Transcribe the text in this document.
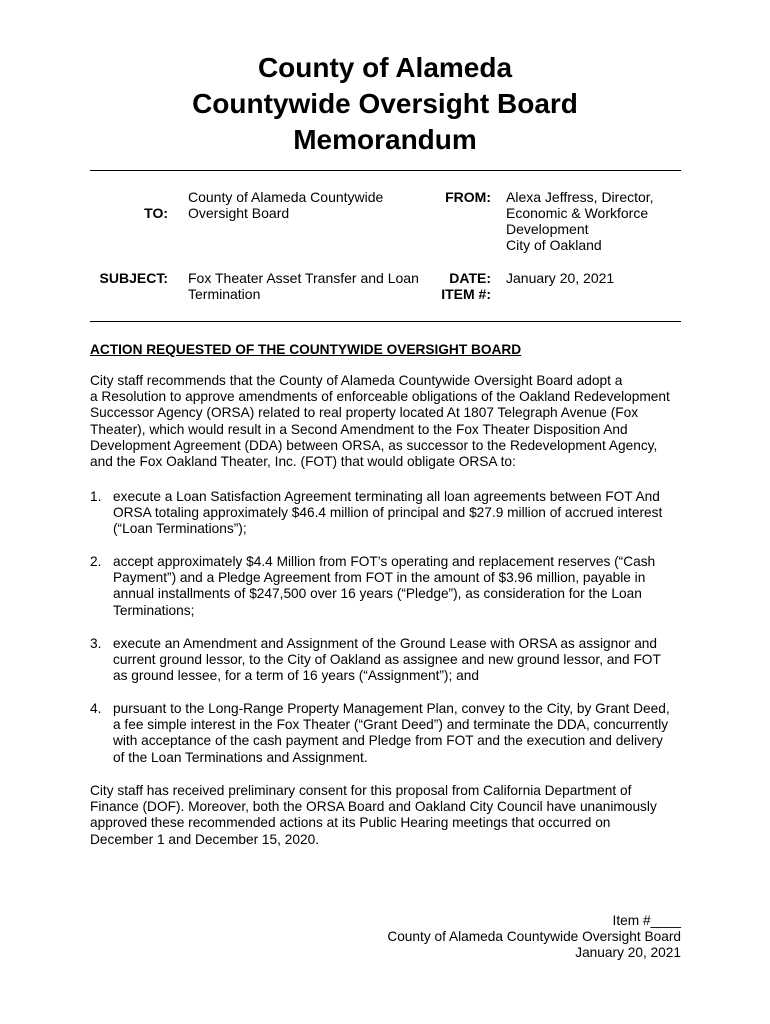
County of Alameda
Countywide Oversight Board
Memorandum
TO:
County of Alameda Countywide
Oversight Board
FROM: Alexa Jeffress, Director,
Economic & Workforce
Development
City of Oakland
SUBJECT: Fox Theater Asset Transfer and Loan
Termination
DATE:
ITEM #:
January 20, 2021
ACTION REQUESTED OF THE COUNTYWIDE OVERSIGHT BOARD
City staff recommends that the County of Alameda Countywide Oversight Board adopt a
a Resolution to approve amendments of enforceable obligations of the Oakland Redevelopment
Successor Agency (ORSA) related to real property located At 1807 Telegraph Avenue (Fox
Theater), which would result in a Second Amendment to the Fox Theater Disposition And
Development Agreement (DDA) between ORSA, as successor to the Redevelopment Agency,
and the Fox Oakland Theater, Inc. (FOT) that would obligate ORSA to:
1. execute a Loan Satisfaction Agreement terminating all loan agreements between FOT And
ORSA totaling approximately $46.4 million of principal and $27.9 million of accrued interest
(“Loan Terminations”);
2. accept approximately $4.4 Million from FOT’s operating and replacement reserves (“Cash
Payment”) and a Pledge Agreement from FOT in the amount of $3.96 million, payable in
annual installments of $247,500 over 16 years (“Pledge”), as consideration for the Loan
Terminations;
3. execute an Amendment and Assignment of the Ground Lease with ORSA as assignor and
current ground lessor, to the City of Oakland as assignee and new ground lessor, and FOT
as ground lessee, for a term of 16 years (“Assignment”); and
4. pursuant to the Long-Range Property Management Plan, convey to the City, by Grant Deed,
a fee simple interest in the Fox Theater (“Grant Deed”) and terminate the DDA, concurrently
with acceptance of the cash payment and Pledge from FOT and the execution and delivery
of the Loan Terminations and Assignment.
City staff has received preliminary consent for this proposal from California Department of
Finance (DOF). Moreover, both the ORSA Board and Oakland City Council have unanimously
approved these recommended actions at its Public Hearing meetings that occurred on
December 1 and December 15, 2020.
Item #____
County of Alameda Countywide Oversight Board
January 20, 2021
